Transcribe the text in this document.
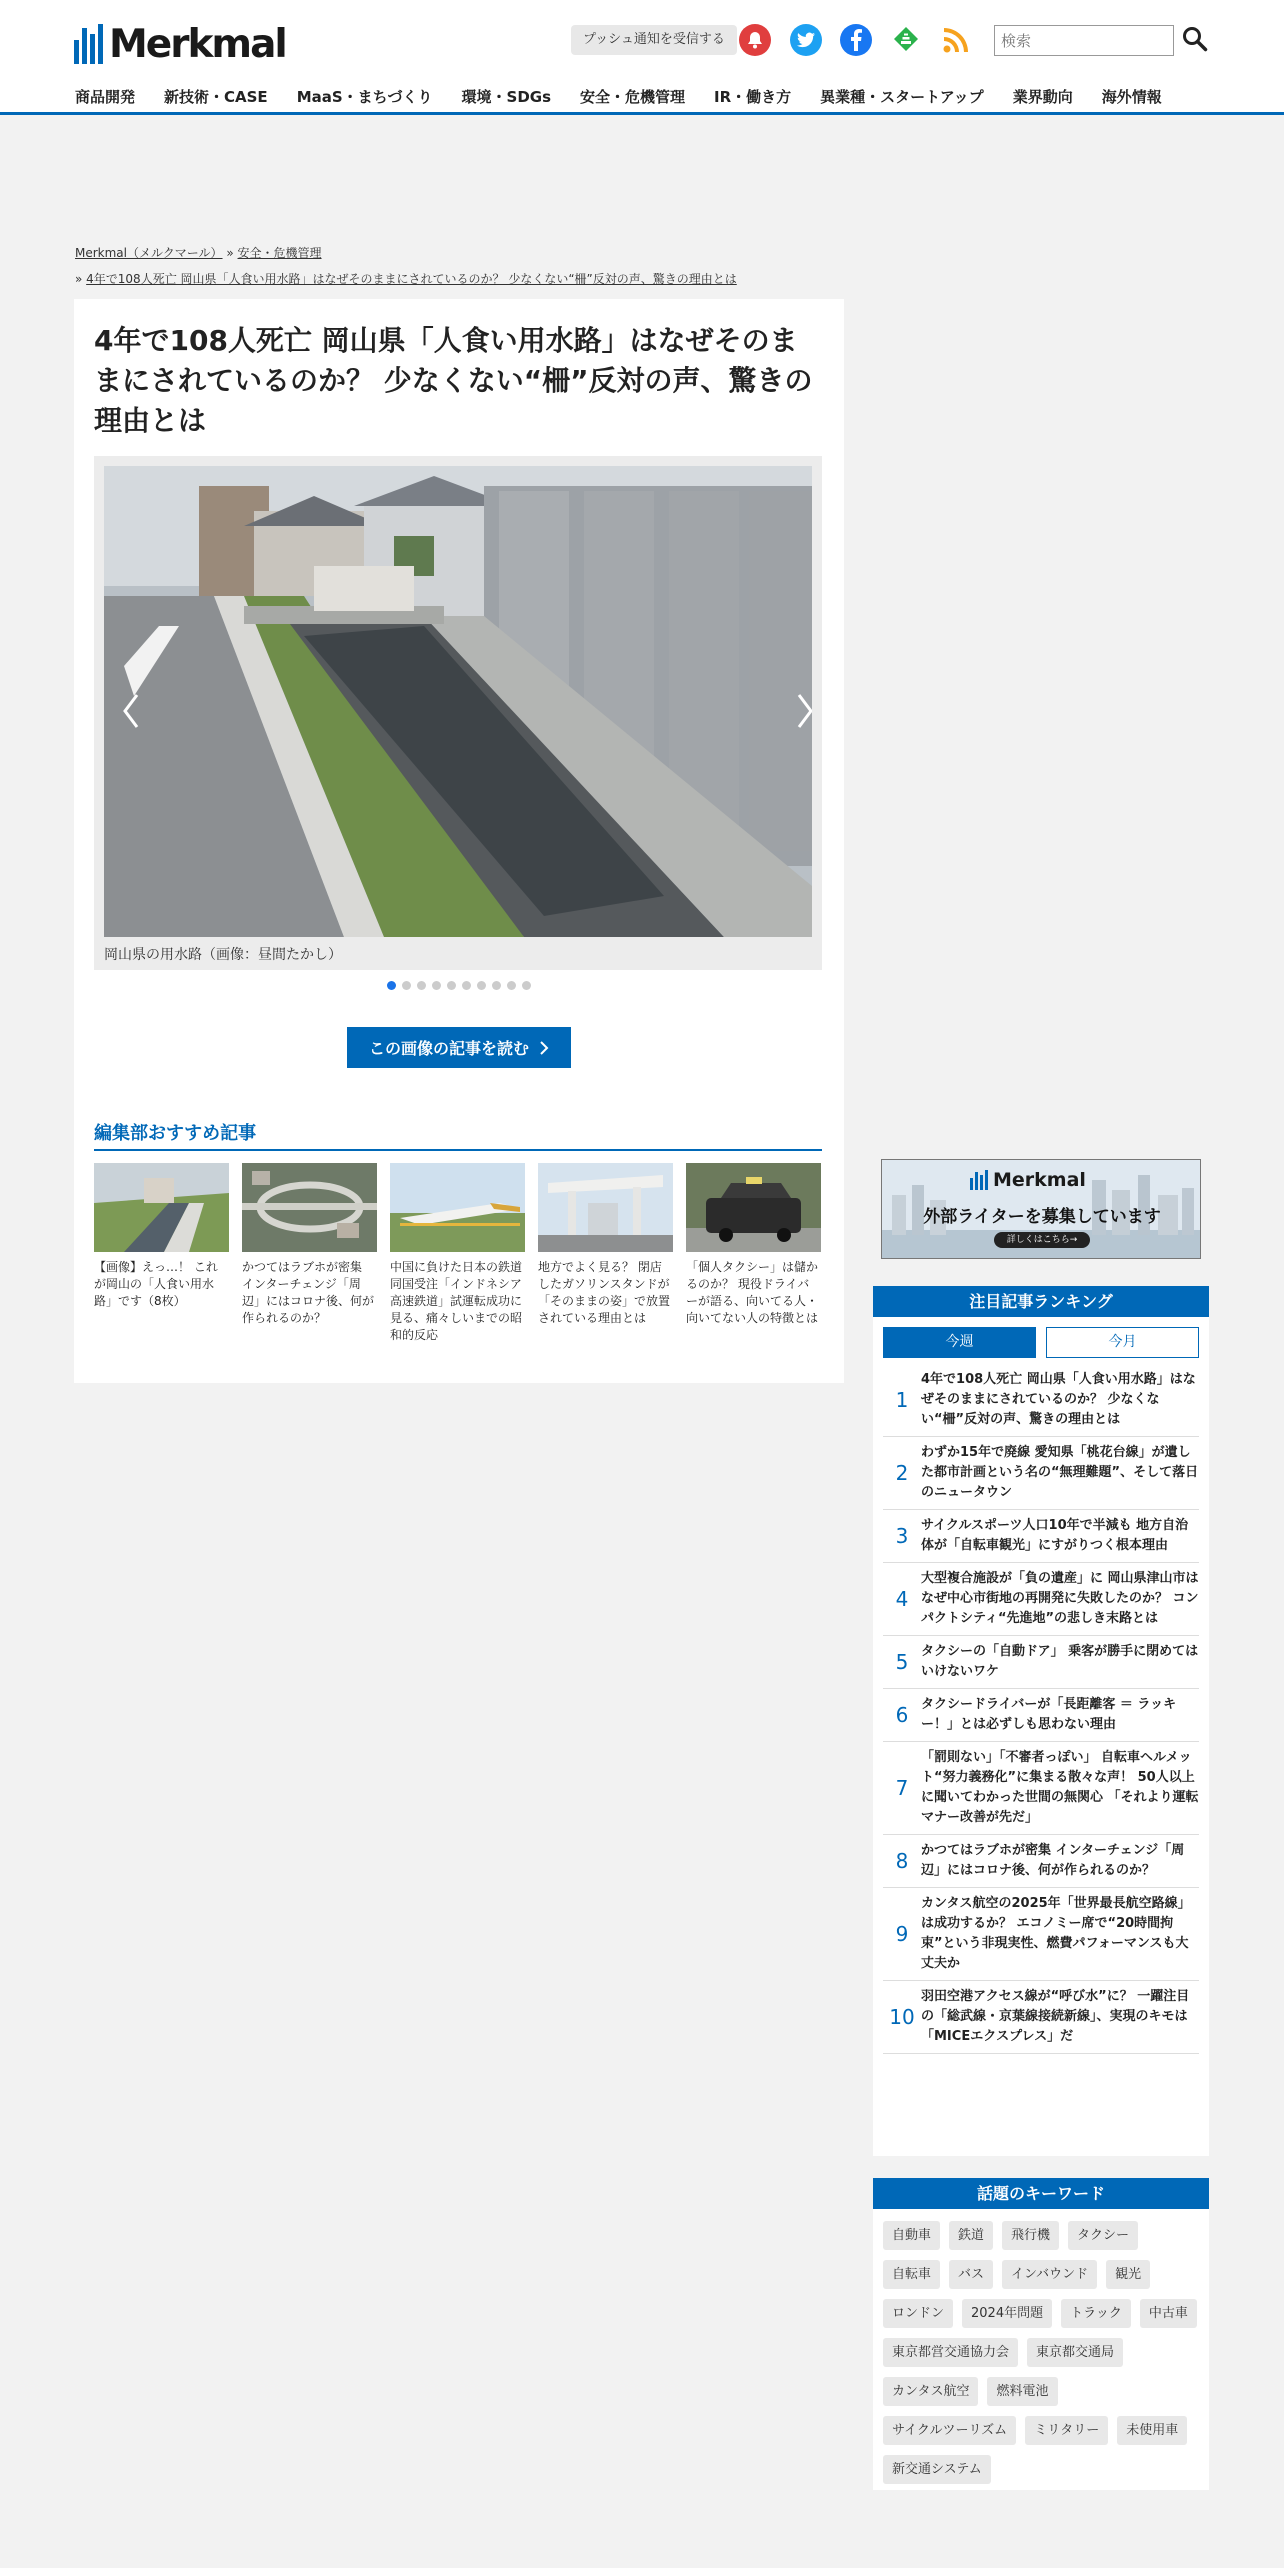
Merkmal	プッシュ通知を受信する
検索
商品開発 新技術・CASE MaaS・まちづくり 環境・SDGs 安全・危機管理 IR・働き方 異業種・スタートアップ 業界動向 海外情報
Merkmal（メルクマール） » 安全・危機管理
» 4年で108人死亡 岡山県「人食い用水路」はなぜそのままにされているのか？ 少なくない“柵”反対の声、驚きの理由とは
4年で108人死亡 岡山県「人食い用水路」はなぜそのままにされているのか？ 少なくない“柵”反対の声、驚きの理由とは
岡山県の用水路（画像：昼間たかし）
この画像の記事を読む
編集部おすすめ記事
【画像】えっ…！ これが岡山の「人食い用水路」です（8枚）
かつてはラブホが密集 インターチェンジ「周辺」にはコロナ後、何が作られるのか？
中国に負けた日本の鉄道 同国受注「インドネシア高速鉄道」試運転成功に見る、痛々しいまでの昭和的反応
地方でよく見る？ 閉店したガソリンスタンドが「そのままの姿」で放置されている理由とは
「個人タクシー」は儲かるのか？ 現役ドライバーが語る、向いてる人・向いてない人の特徴とは
Merkmal
外部ライターを募集しています
詳しくはこちら→
注目記事ランキング
今週	今月
1
4年で108人死亡 岡山県「人食い用水路」はなぜそのままにされているのか？ 少なくない“柵”反対の声、驚きの理由とは
2
わずか15年で廃線 愛知県「桃花台線」が遺した都市計画という名の“無理難題”、そして落日のニュータウン
3 サイクルスポーツ人口10年で半減も 地方自治体が「自転車観光」にすがりつく根本理由
4
大型複合施設が「負の遺産」に 岡山県津山市はなぜ中心市街地の再開発に失敗したのか？ コンパクトシティ“先進地”の悲しき末路とは
5 タクシーの「自動ドア」 乗客が勝手に閉めてはいけないワケ
6 タクシードライバーが「長距離客 ＝ ラッキー！」とは必ずしも思わない理由
7
「罰則ない」「不審者っぽい」 自転車ヘルメット“努力義務化”に集まる散々な声！ 50人以上に聞いてわかった世間の無関心 「それより運転マナー改善が先だ」
8 かつてはラブホが密集 インターチェンジ「周辺」にはコロナ後、何が作られるのか？
9
カンタス航空の2025年「世界最長航空路線」は成功するか？ エコノミー席で“20時間拘束”という非現実性、燃費パフォーマンスも大丈夫か
10
羽田空港アクセス線が“呼び水”に？ 一躍注目の「総武線・京葉線接続新線」、実現のキモは「MICEエクスプレス」だ
話題のキーワード
自動車	鉄道	飛行機	タクシー
自転車	バス	インバウンド	観光
ロンドン	2024年問題	トラック	中古車
東京都営交通協力会	東京都交通局
カンタス航空	燃料電池
サイクルツーリズム	ミリタリー	未使用車
新交通システム
